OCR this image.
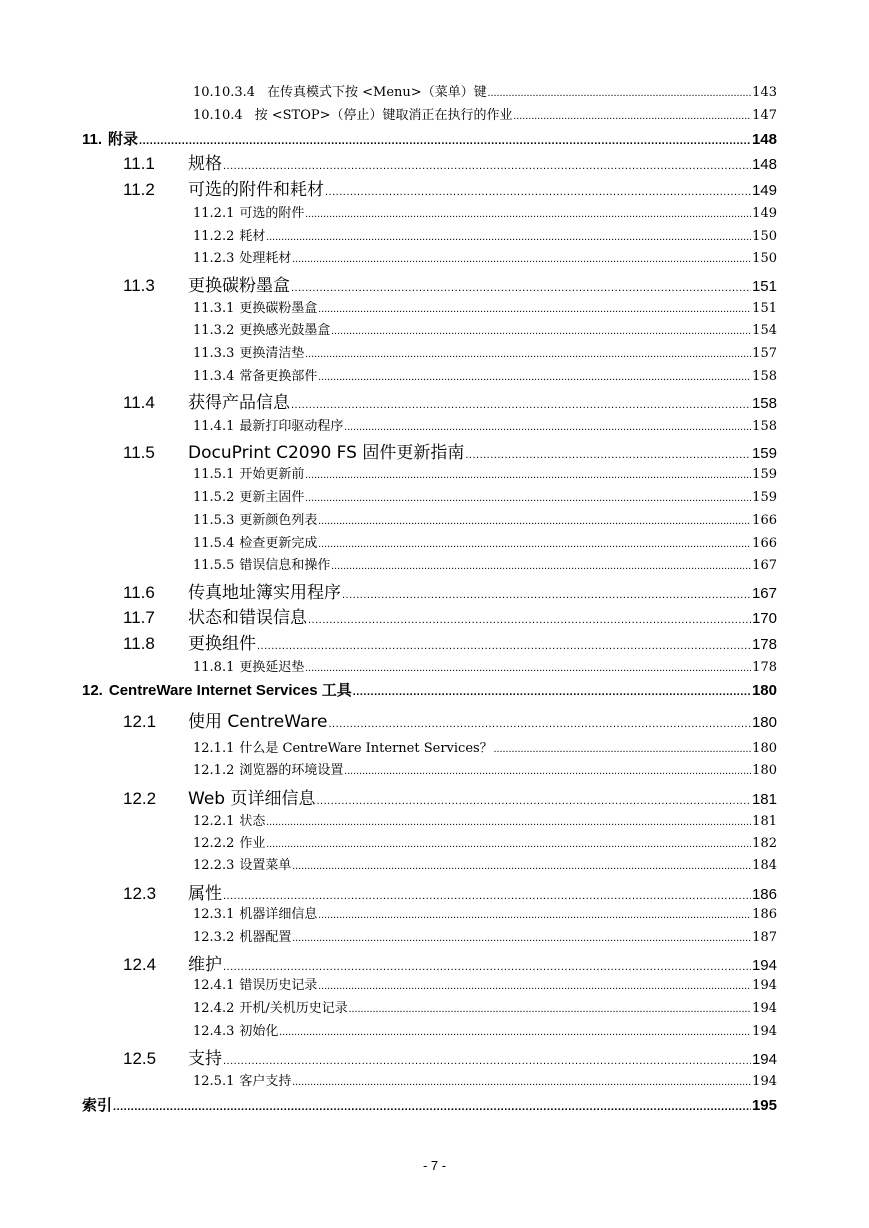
10.10.3.4 在传真模式下按 <Menu>（菜单）键 .....	143
10.10.4 按 <STOP>（停止）键取消正在执行的作业 .....	147
11. 附录 .....	148
11.1	规格 .....	148
11.2	可选的附件和耗材 .....	149
11.2.1 可选的附件 .....	149
11.2.2 耗材 .....	150
11.2.3 处理耗材 .....	150
11.3	更换碳粉墨盒 .....	151
11.3.1 更换碳粉墨盒 .....	151
11.3.2 更换感光鼓墨盒 .....	154
11.3.3 更换清洁垫 .....	157
11.3.4 常备更换部件 .....	158
11.4	获得产品信息 .....	158
11.4.1 最新打印驱动程序 .....	158
11.5	DocuPrint C2090 FS 固件更新指南 .....	159
11.5.1 开始更新前 .....	159
11.5.2 更新主固件 .....	159
11.5.3 更新颜色列表 .....	166
11.5.4 检查更新完成 .....	166
11.5.5 错误信息和操作 .....	167
11.6	传真地址簿实用程序 .....	167
11.7	状态和错误信息 .....	170
11.8	更换组件 .....	178
11.8.1 更换延迟垫 .....	178
12. CentreWare Internet Services 工具 .....	180
12.1	使用 CentreWare .....	180
12.1.1 什么是 CentreWare Internet Services？ .....	180
12.1.2 浏览器的环境设置 .....	180
12.2	Web 页详细信息 .....	181
12.2.1 状态 .....	181
12.2.2 作业 .....	182
12.2.3 设置菜单 .....	184
12.3	属性 .....	186
12.3.1 机器详细信息 .....	186
12.3.2 机器配置 .....	187
12.4	维护 .....	194
12.4.1 错误历史记录 .....	194
12.4.2 开机/关机历史记录 .....	194
12.4.3 初始化 .....	194
12.5	支持 .....	194
12.5.1 客户支持 .....	194
索引 .....	195
- 7 -
